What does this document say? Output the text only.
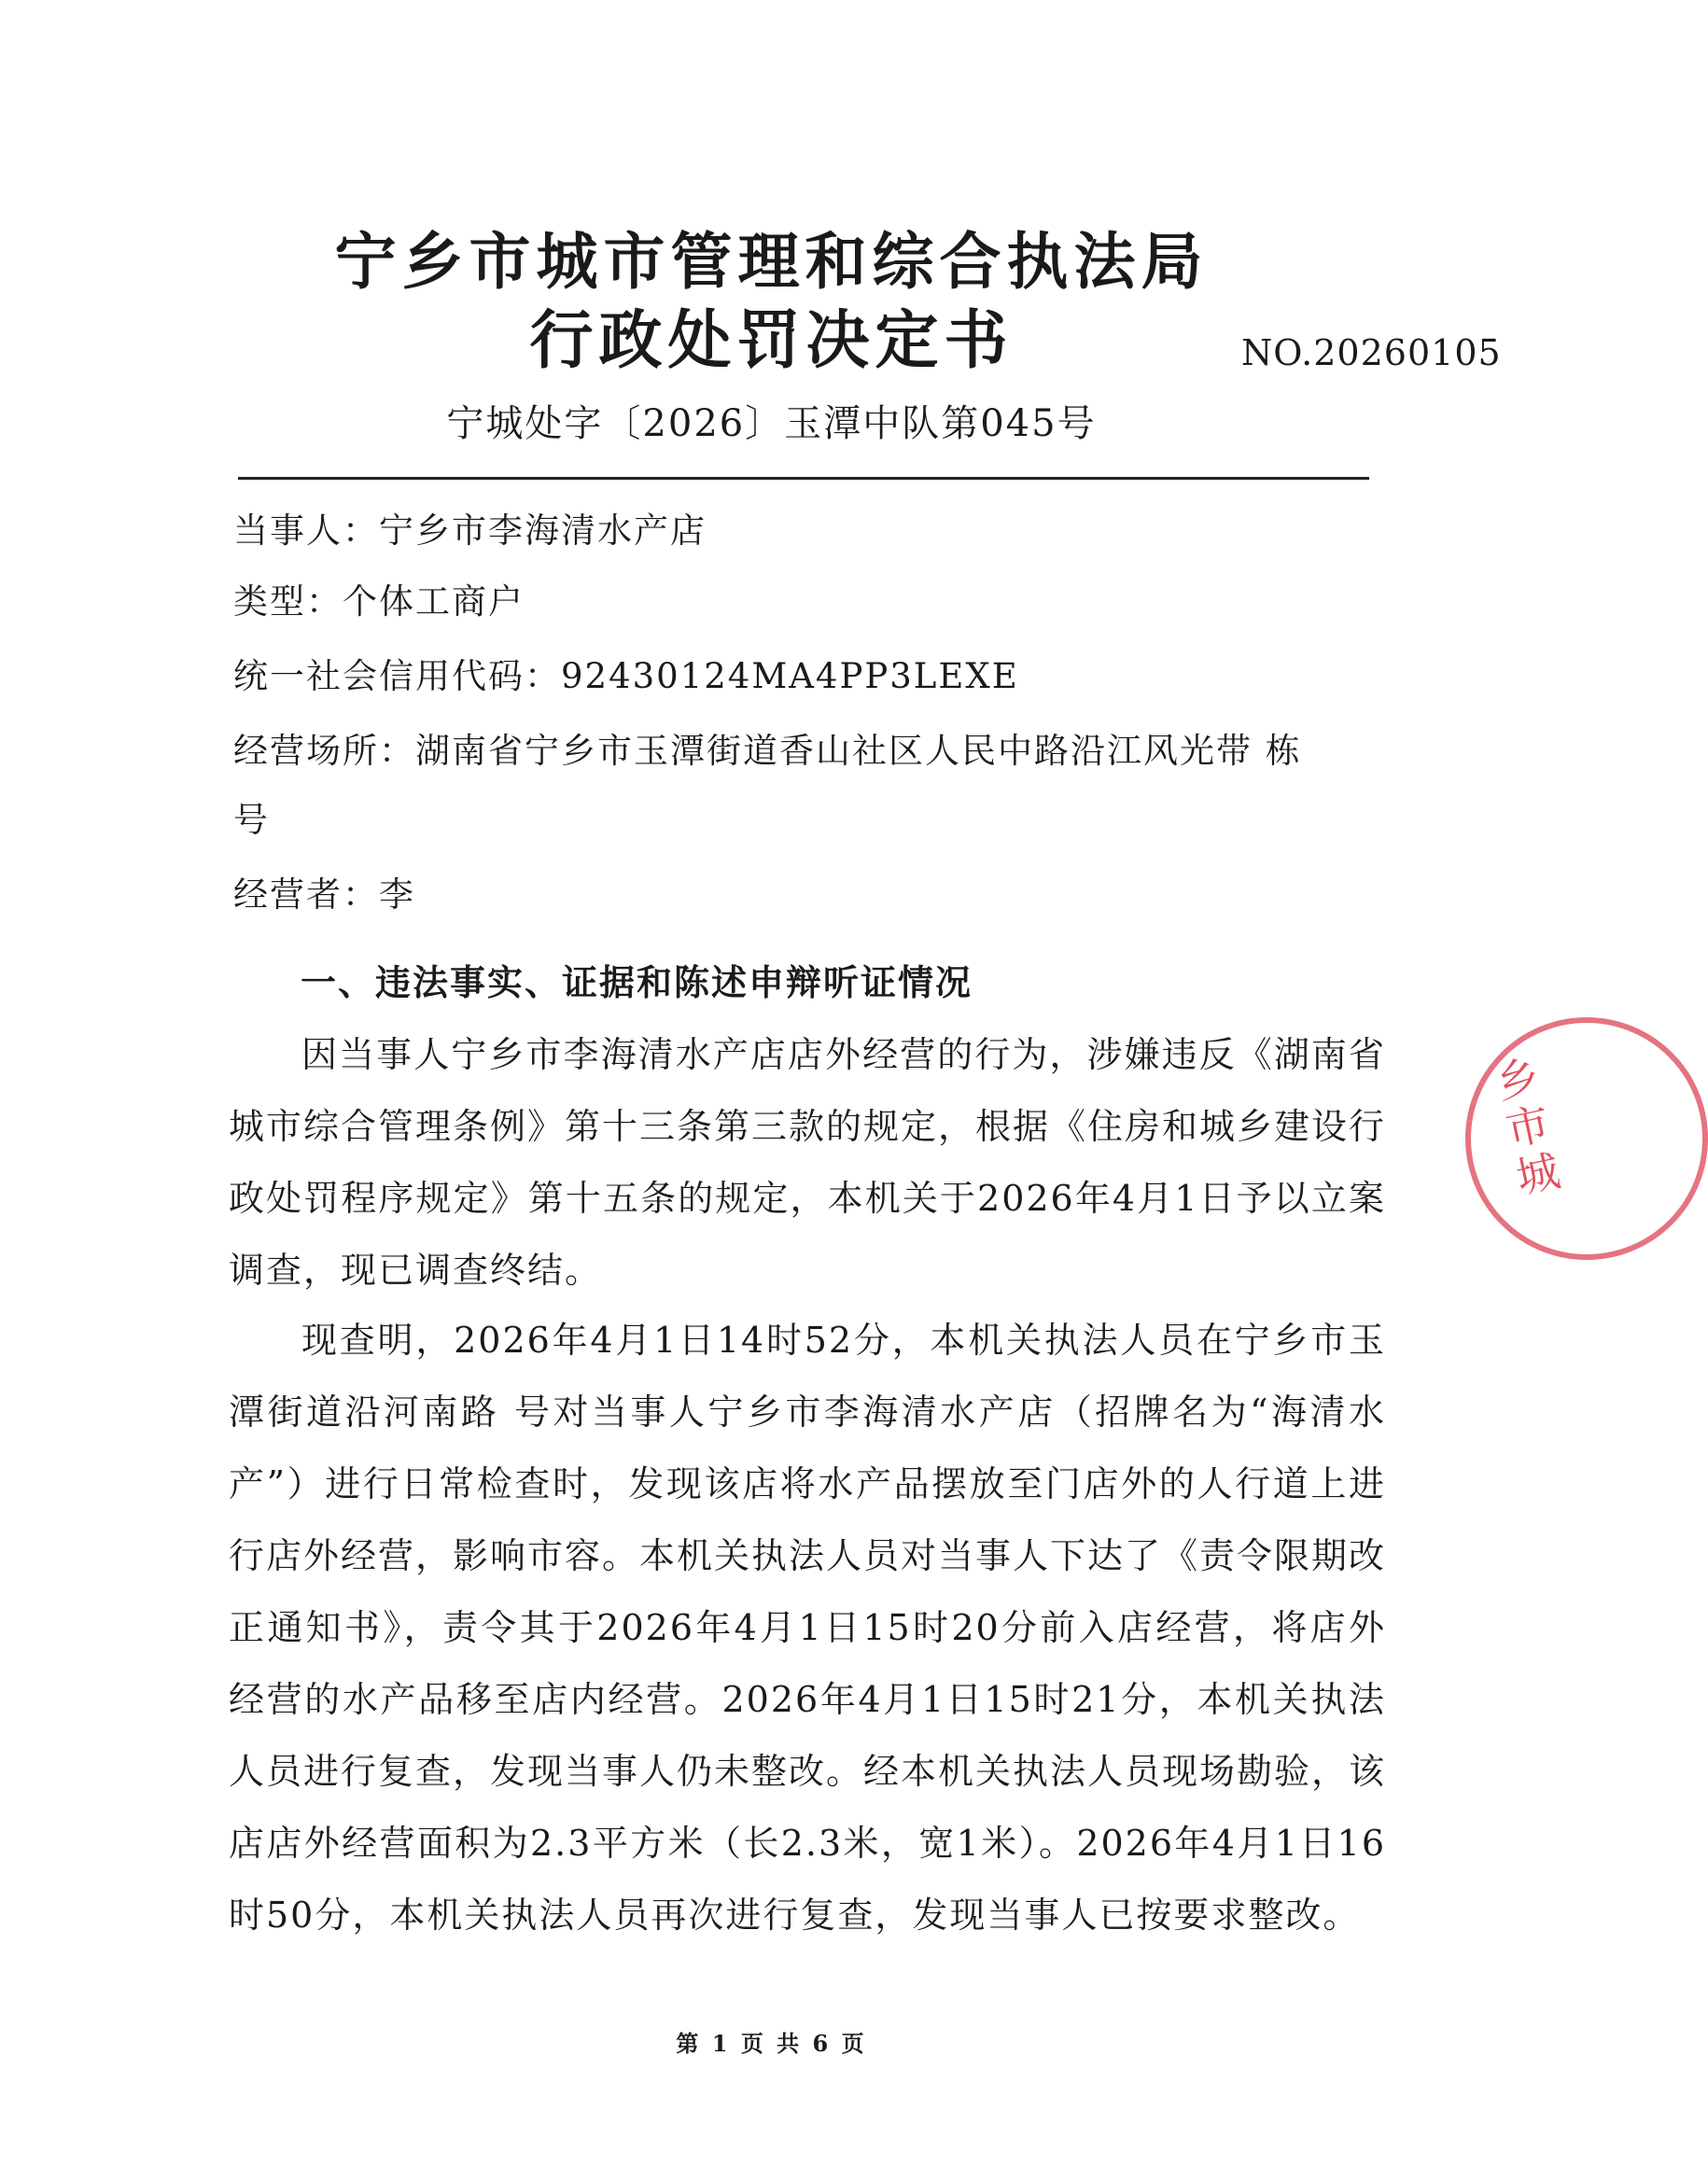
宁乡市城市管理和综合执法局
行政处罚决定书	NO.20260105
宁城处字〔2026〕玉潭中队第045号
当事人：宁乡市李海清水产店
类型：个体工商户
统一社会信用代码：92430124MA4PP3LEXE
经营场所：湖南省宁乡市玉潭街道香山社区人民中路沿江风光带 栋
号
经营者：李
一、违法事实、证据和陈述申辩听证情况
因当事人宁乡市李海清水产店店外经营的行为，涉嫌违反《湖南省城市综合管理条例》第十三条第三款的规定，根据《住房和城乡建设行政处罚程序规定》第十五条的规定，本机关于2026年4月1日予以立案调查，现已调查终结。
现查明，2026年4月1日14时52分，本机关执法人员在宁乡市玉潭街道沿河南路 号对当事人宁乡市李海清水产店（招牌名为“海清水产”）进行日常检查时，发现该店将水产品摆放至门店外的人行道上进行店外经营，影响市容。本机关执法人员对当事人下达了《责令限期改正通知书》，责令其于2026年4月1日15时20分前入店经营，将店外经营的水产品移至店内经营。2026年4月1日15时21分，本机关执法人员进行复查，发现当事人仍未整改。经本机关执法人员现场勘验，该店店外经营面积为2.3平方米（长2.3米，宽1米）。2026年4月1日16时50分，本机关执法人员再次进行复查，发现当事人已按要求整改。
第 1 页 共 6 页
乡市城
